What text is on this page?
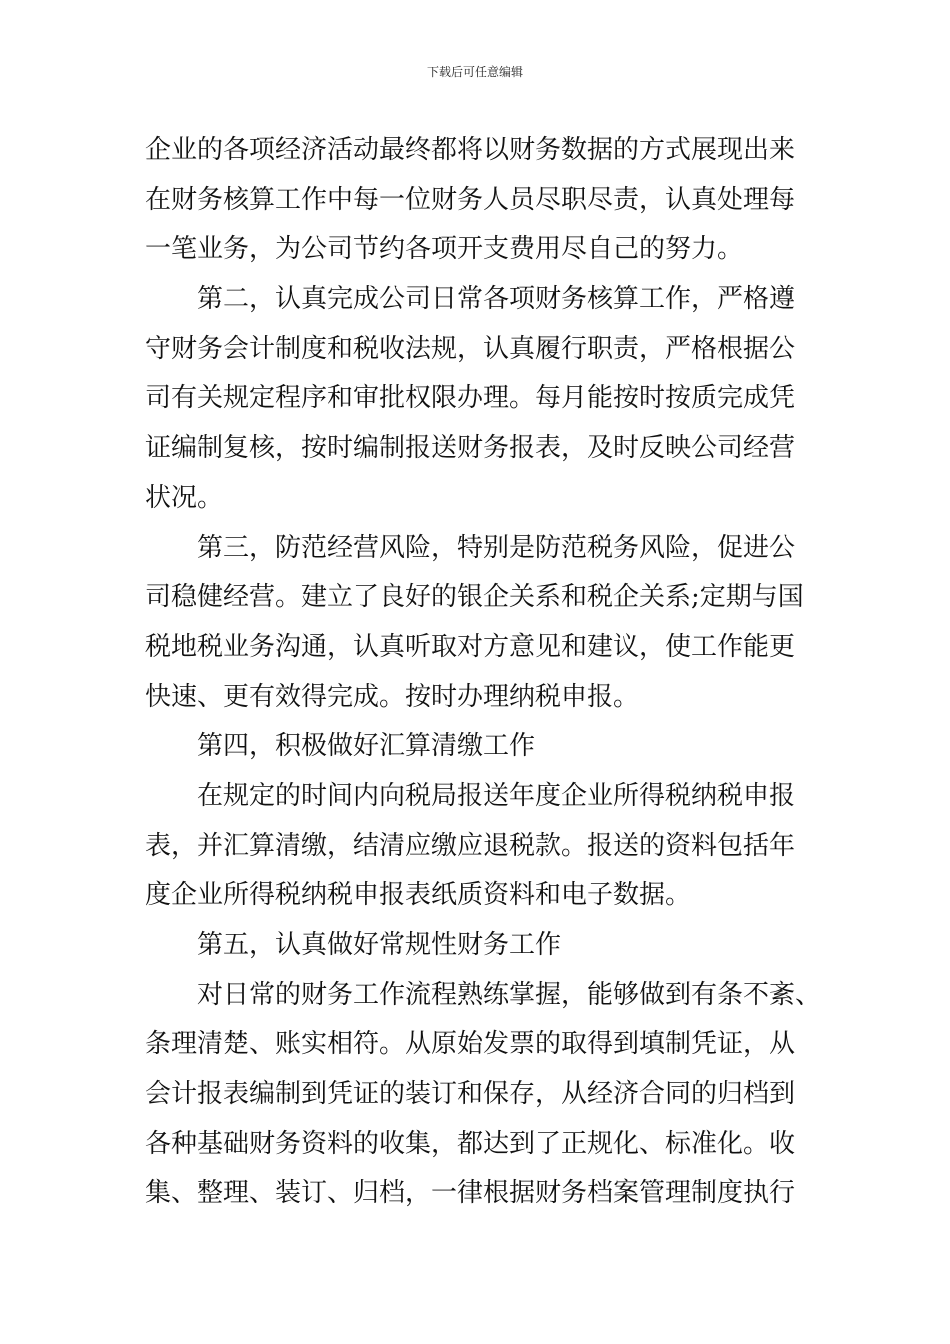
下载后可任意编辑
企业的各项经济活动最终都将以财务数据的方式展现出来
在财务核算工作中每一位财务人员尽职尽责，认真处理每
一笔业务，为公司节约各项开支费用尽自己的努力。
第二，认真完成公司日常各项财务核算工作，严格遵
守财务会计制度和税收法规，认真履行职责，严格根据公
司有关规定程序和审批权限办理。每月能按时按质完成凭
证编制复核，按时编制报送财务报表，及时反映公司经营
状况。
第三，防范经营风险，特别是防范税务风险，促进公
司稳健经营。建立了良好的银企关系和税企关系;定期与国
税地税业务沟通，认真听取对方意见和建议，使工作能更
快速、更有效得完成。按时办理纳税申报。
第四，积极做好汇算清缴工作
在规定的时间内向税局报送年度企业所得税纳税申报
表，并汇算清缴，结清应缴应退税款。报送的资料包括年
度企业所得税纳税申报表纸质资料和电子数据。
第五，认真做好常规性财务工作
对日常的财务工作流程熟练掌握，能够做到有条不紊、
条理清楚、账实相符。从原始发票的取得到填制凭证，从
会计报表编制到凭证的装订和保存，从经济合同的归档到
各种基础财务资料的收集，都达到了正规化、标准化。收
集、整理、装订、归档，一律根据财务档案管理制度执行
